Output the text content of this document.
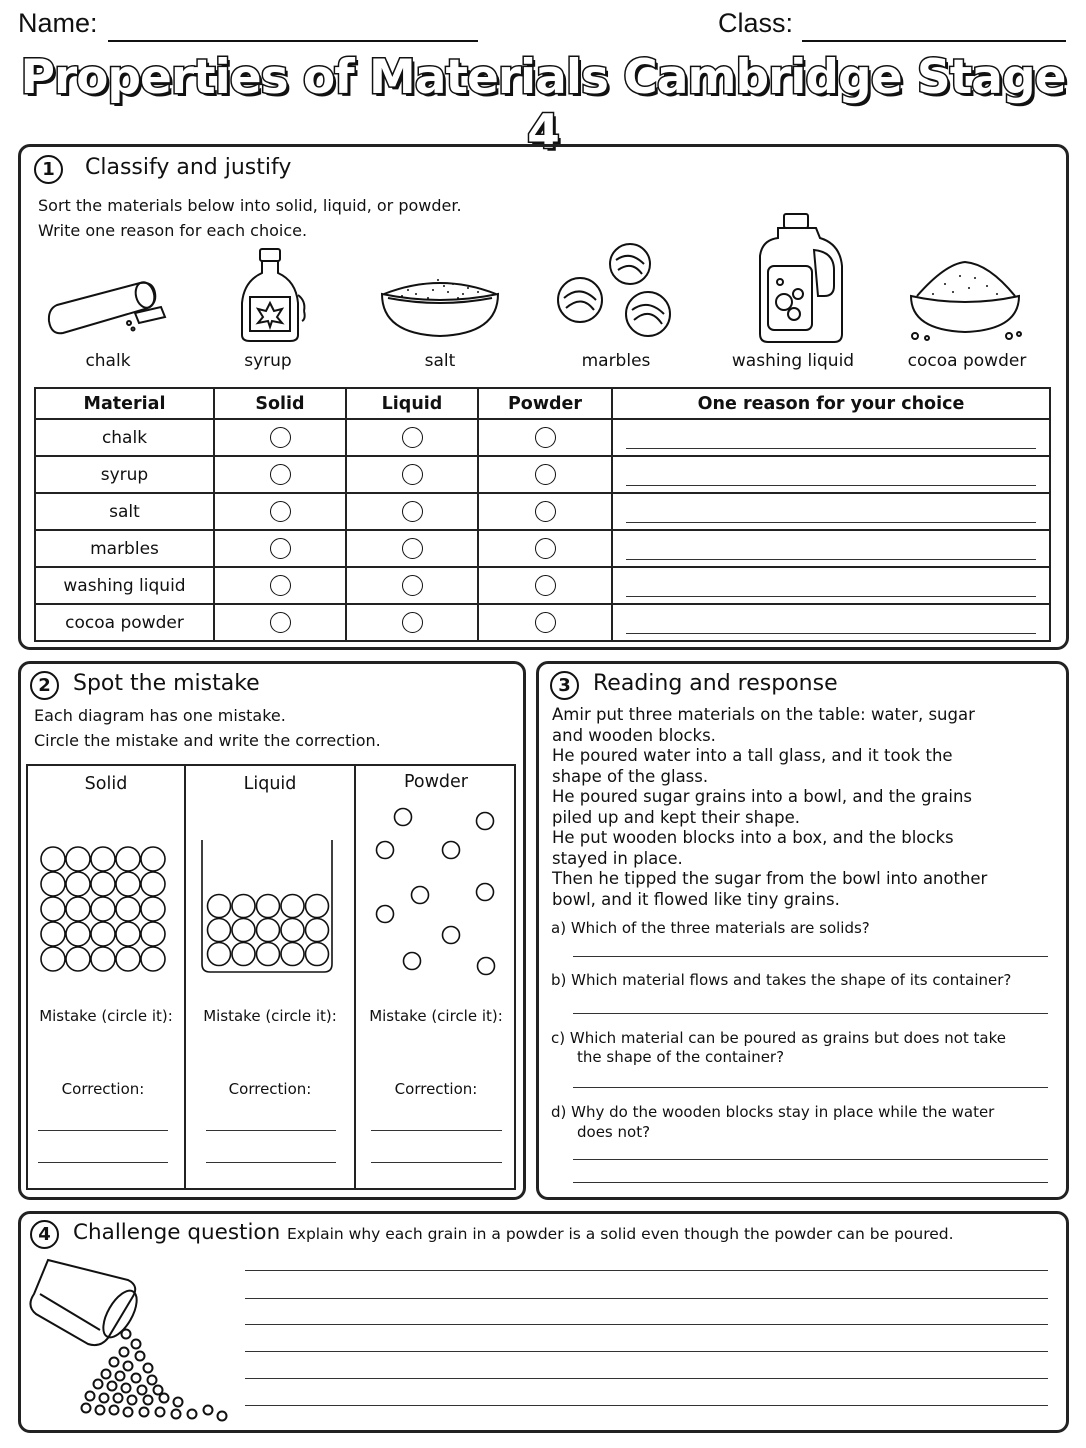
Name:	Class:
Properties of Materials Cambridge Stage 4
1	Classify and justify
Sort the materials below into solid, liquid, or powder.
Write one reason for each choice.
chalk	syrup	salt	marbles	washing liquid	cocoa powder
Material	Solid	Liquid	Powder	One reason for your choice
chalk				

syrup				

salt				

marbles				

washing liquid				

cocoa powder				
2	Spot the mistake
Each diagram has one mistake.
Circle the mistake and write the correction.
Solid	Liquid	Powder
Mistake (circle it):	Mistake (circle it):	Mistake (circle it):
Correction:	Correction:	Correction:
3	Reading and response
Amir put three materials on the table: water, sugar
and wooden blocks.
He poured water into a tall glass, and it took the
shape of the glass.
He poured sugar grains into a bowl, and the grains
piled up and kept their shape.
He put wooden blocks into a box, and the blocks
stayed in place.
Then he tipped the sugar from the bowl into another
bowl, and it flowed like tiny grains.
a) Which of the three materials are solids?
b) Which material flows and takes the shape of its container?
c) Which material can be poured as grains but does not take
the shape of the container?
d) Why do the wooden blocks stay in place while the water
does not?
4	Challenge question Explain why each grain in a powder is a solid even though the powder can be poured.
